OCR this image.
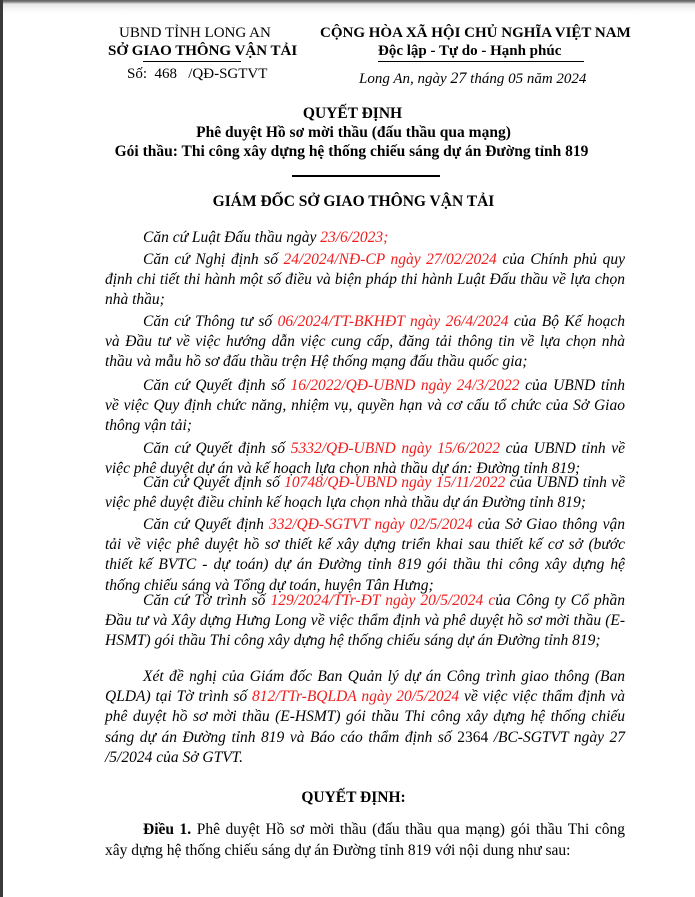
UBND TỈNH LONG AN
SỞ GIAO THÔNG VẬN TẢI
Số: 468 /QĐ-SGTVT
CỘNG HÒA XÃ HỘI CHỦ NGHĨA VIỆT NAM
Độc lập - Tự do - Hạnh phúc
Long An, ngày 27 tháng 05 năm 2024
QUYẾT ĐỊNH
Phê duyệt Hồ sơ mời thầu (đấu thầu qua mạng)
Gói thầu: Thi công xây dựng hệ thống chiếu sáng dự án Đường tỉnh 819
GIÁM ĐỐC SỞ GIAO THÔNG VẬN TẢI
Căn cứ Luật Đấu thầu ngày 23/6/2023;
Căn cứ Nghị định số 24/2024/NĐ-CP ngày 27/02/2024 của Chính phủ quy định chi tiết thi hành một số điều và biện pháp thi hành Luật Đấu thầu về lựa chọn nhà thầu;
Căn cứ Thông tư số 06/2024/TT-BKHĐT ngày 26/4/2024 của Bộ Kế hoạch và Đầu tư về việc hướng dẫn việc cung cấp, đăng tải thông tin về lựa chọn nhà thầu và mẫu hồ sơ đấu thầu trện Hệ thống mạng đấu thầu quốc gia;
Căn cứ Quyết định số 16/2022/QĐ-UBND ngày 24/3/2022 của UBND tỉnh về việc Quy định chức năng, nhiệm vụ, quyền hạn và cơ cấu tổ chức của Sở Giao thông vận tải;
Căn cứ Quyết định số 5332/QĐ-UBND ngày 15/6/2022 của UBND tỉnh về việc phê duyệt dự án và kế hoạch lựa chọn nhà thầu dự án: Đường tỉnh 819;
Căn cứ Quyết định số 10748/QĐ-UBND ngày 15/11/2022 của UBND tỉnh về việc phê duyệt điều chỉnh kế hoạch lựa chọn nhà thầu dự án Đường tỉnh 819;
Căn cứ Quyết định 332/QĐ-SGTVT ngày 02/5/2024 của Sở Giao thông vận tải về việc phê duyệt hồ sơ thiết kế xây dựng triển khai sau thiết kế cơ sở (bước thiết kế BVTC - dự toán) dự án Đường tỉnh 819 gói thầu thi công xây dựng hệ thống chiếu sáng và Tổng dự toán, huyện Tân Hưng;
Căn cứ Tờ trình số 129/2024/TTr-ĐT ngày 20/5/2024 của Công ty Cổ phần Đầu tư và Xây dựng Hưng Long về việc thẩm định và phê duyệt hồ sơ mời thầu (E-HSMT) gói thầu Thi công xây dựng hệ thống chiếu sáng dự án Đường tỉnh 819;
Xét đề nghị của Giám đốc Ban Quản lý dự án Công trình giao thông (Ban QLDA) tại Tờ trình số 812/TTr-BQLDA ngày 20/5/2024 về việc việc thẩm định và phê duyệt hồ sơ mời thầu (E-HSMT) gói thầu Thi công xây dựng hệ thống chiếu sáng dự án Đường tỉnh 819 và Báo cáo thẩm định số 2364 /BC-SGTVT ngày 27 /5/2024 của Sở GTVT.
QUYẾT ĐỊNH:
Điều 1. Phê duyệt Hồ sơ mời thầu (đấu thầu qua mạng) gói thầu Thi công xây dựng hệ thống chiếu sáng dự án Đường tỉnh 819 với nội dung như sau:
